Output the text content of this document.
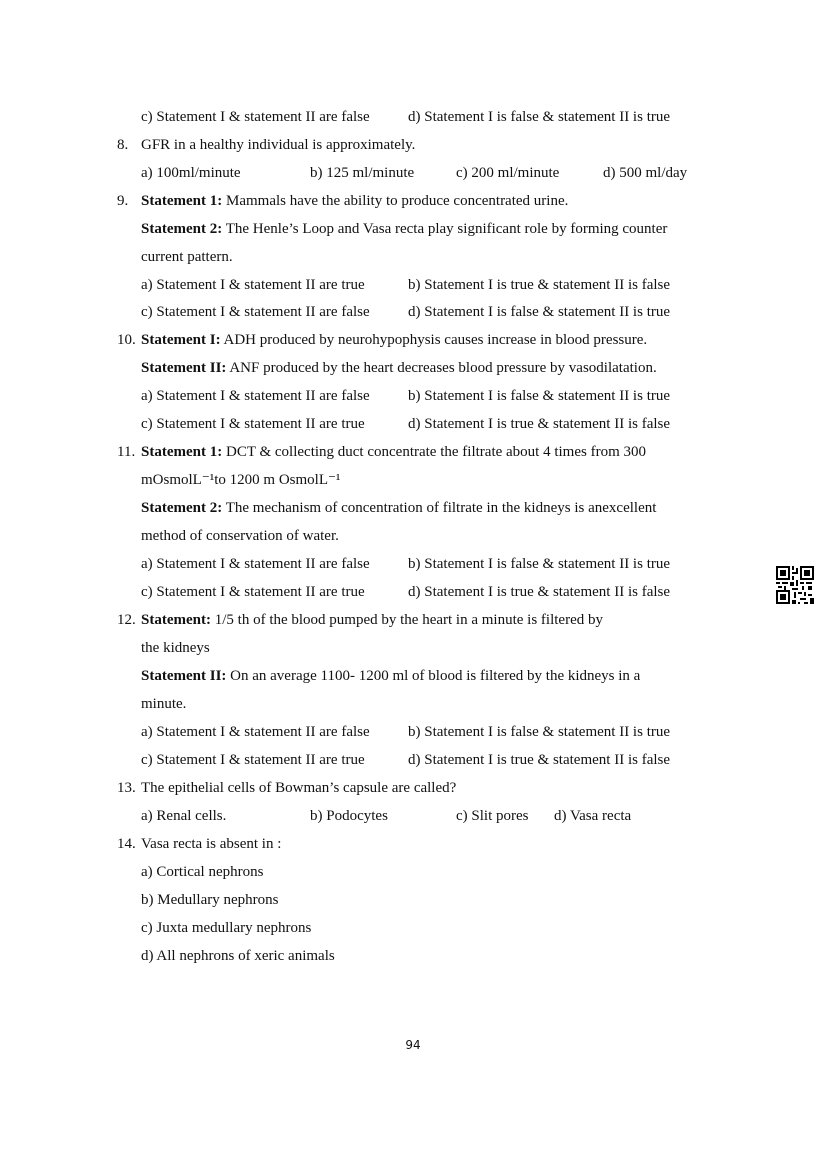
c) Statement I & statement II are false	d) Statement I is false & statement II is true
8. GFR in a healthy individual is approximately.
a) 100ml/minute	b) 125 ml/minute	c) 200 ml/minute	d) 500 ml/day
9. Statement 1: Mammals have the ability to produce concentrated urine.
Statement 2: The Henle’s Loop and Vasa recta play significant role by forming counter
current pattern.
a) Statement I & statement II are true	b) Statement I is true & statement II is false
c) Statement I & statement II are false	d) Statement I is false & statement II is true
10. Statement I: ADH produced by neurohypophysis causes increase in blood pressure.
Statement II: ANF produced by the heart decreases blood pressure by vasodilatation.
a) Statement I & statement II are false	b) Statement I is false & statement II is true
c) Statement I & statement II are true	d) Statement I is true & statement II is false
11. Statement 1: DCT & collecting duct concentrate the filtrate about 4 times from 300
mOsmolL⁻¹to 1200 m OsmolL⁻¹
Statement 2: The mechanism of concentration of filtrate in the kidneys is anexcellent
method of conservation of water.
a) Statement I & statement II are false	b) Statement I is false & statement II is true
c) Statement I & statement II are true	d) Statement I is true & statement II is false
12. Statement: 1/5 th of the blood pumped by the heart in a minute is filtered by
the kidneys
Statement II: On an average 1100- 1200 ml of blood is filtered by the kidneys in a
minute.
a) Statement I & statement II are false	b) Statement I is false & statement II is true
c) Statement I & statement II are true	d) Statement I is true & statement II is false
13. The epithelial cells of Bowman’s capsule are called?
a) Renal cells.	b) Podocytes	c) Slit pores d) Vasa recta
14. Vasa recta is absent in :
a) Cortical nephrons
b) Medullary nephrons
c) Juxta medullary nephrons
d) All nephrons of xeric animals
94
